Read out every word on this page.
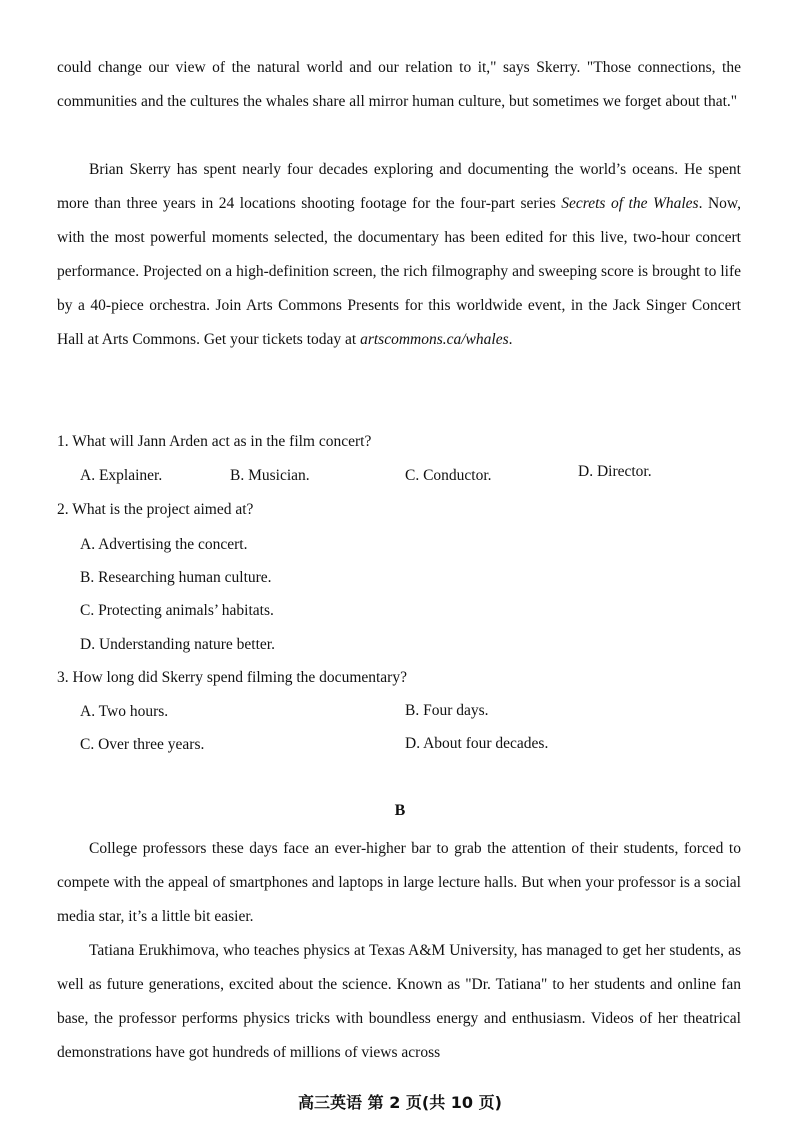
could change our view of the natural world and our relation to it," says Skerry. "Those connections, the communities and the cultures the whales share all mirror human culture, but sometimes we forget about that."
Brian Skerry has spent nearly four decades exploring and documenting the world’s oceans. He spent more than three years in 24 locations shooting footage for the four-part series Secrets of the Whales. Now, with the most powerful moments selected, the documentary has been edited for this live, two-hour concert performance. Projected on a high-definition screen, the rich filmography and sweeping score is brought to life by a 40-piece orchestra. Join Arts Commons Presents for this worldwide event, in the Jack Singer Concert Hall at Arts Commons. Get your tickets today at artscommons.ca/whales.
1. What will Jann Arden act as in the film concert?
A. Explainer.	B. Musician.	C. Conductor.	D. Director.
2. What is the project aimed at?
A. Advertising the concert.
B. Researching human culture.
C. Protecting animals’ habitats.
D. Understanding nature better.
3. How long did Skerry spend filming the documentary?
A. Two hours.	B. Four days.
C. Over three years.	D. About four decades.
B
College professors these days face an ever-higher bar to grab the attention of their students, forced to compete with the appeal of smartphones and laptops in large lecture halls. But when your professor is a social media star, it’s a little bit easier.
Tatiana Erukhimova, who teaches physics at Texas A&M University, has managed to get her students, as well as future generations, excited about the science. Known as "Dr. Tatiana" to her students and online fan base, the professor performs physics tricks with boundless energy and enthusiasm. Videos of her theatrical demonstrations have got hundreds of millions of views across
高三英语 第 2 页(共 10 页)
